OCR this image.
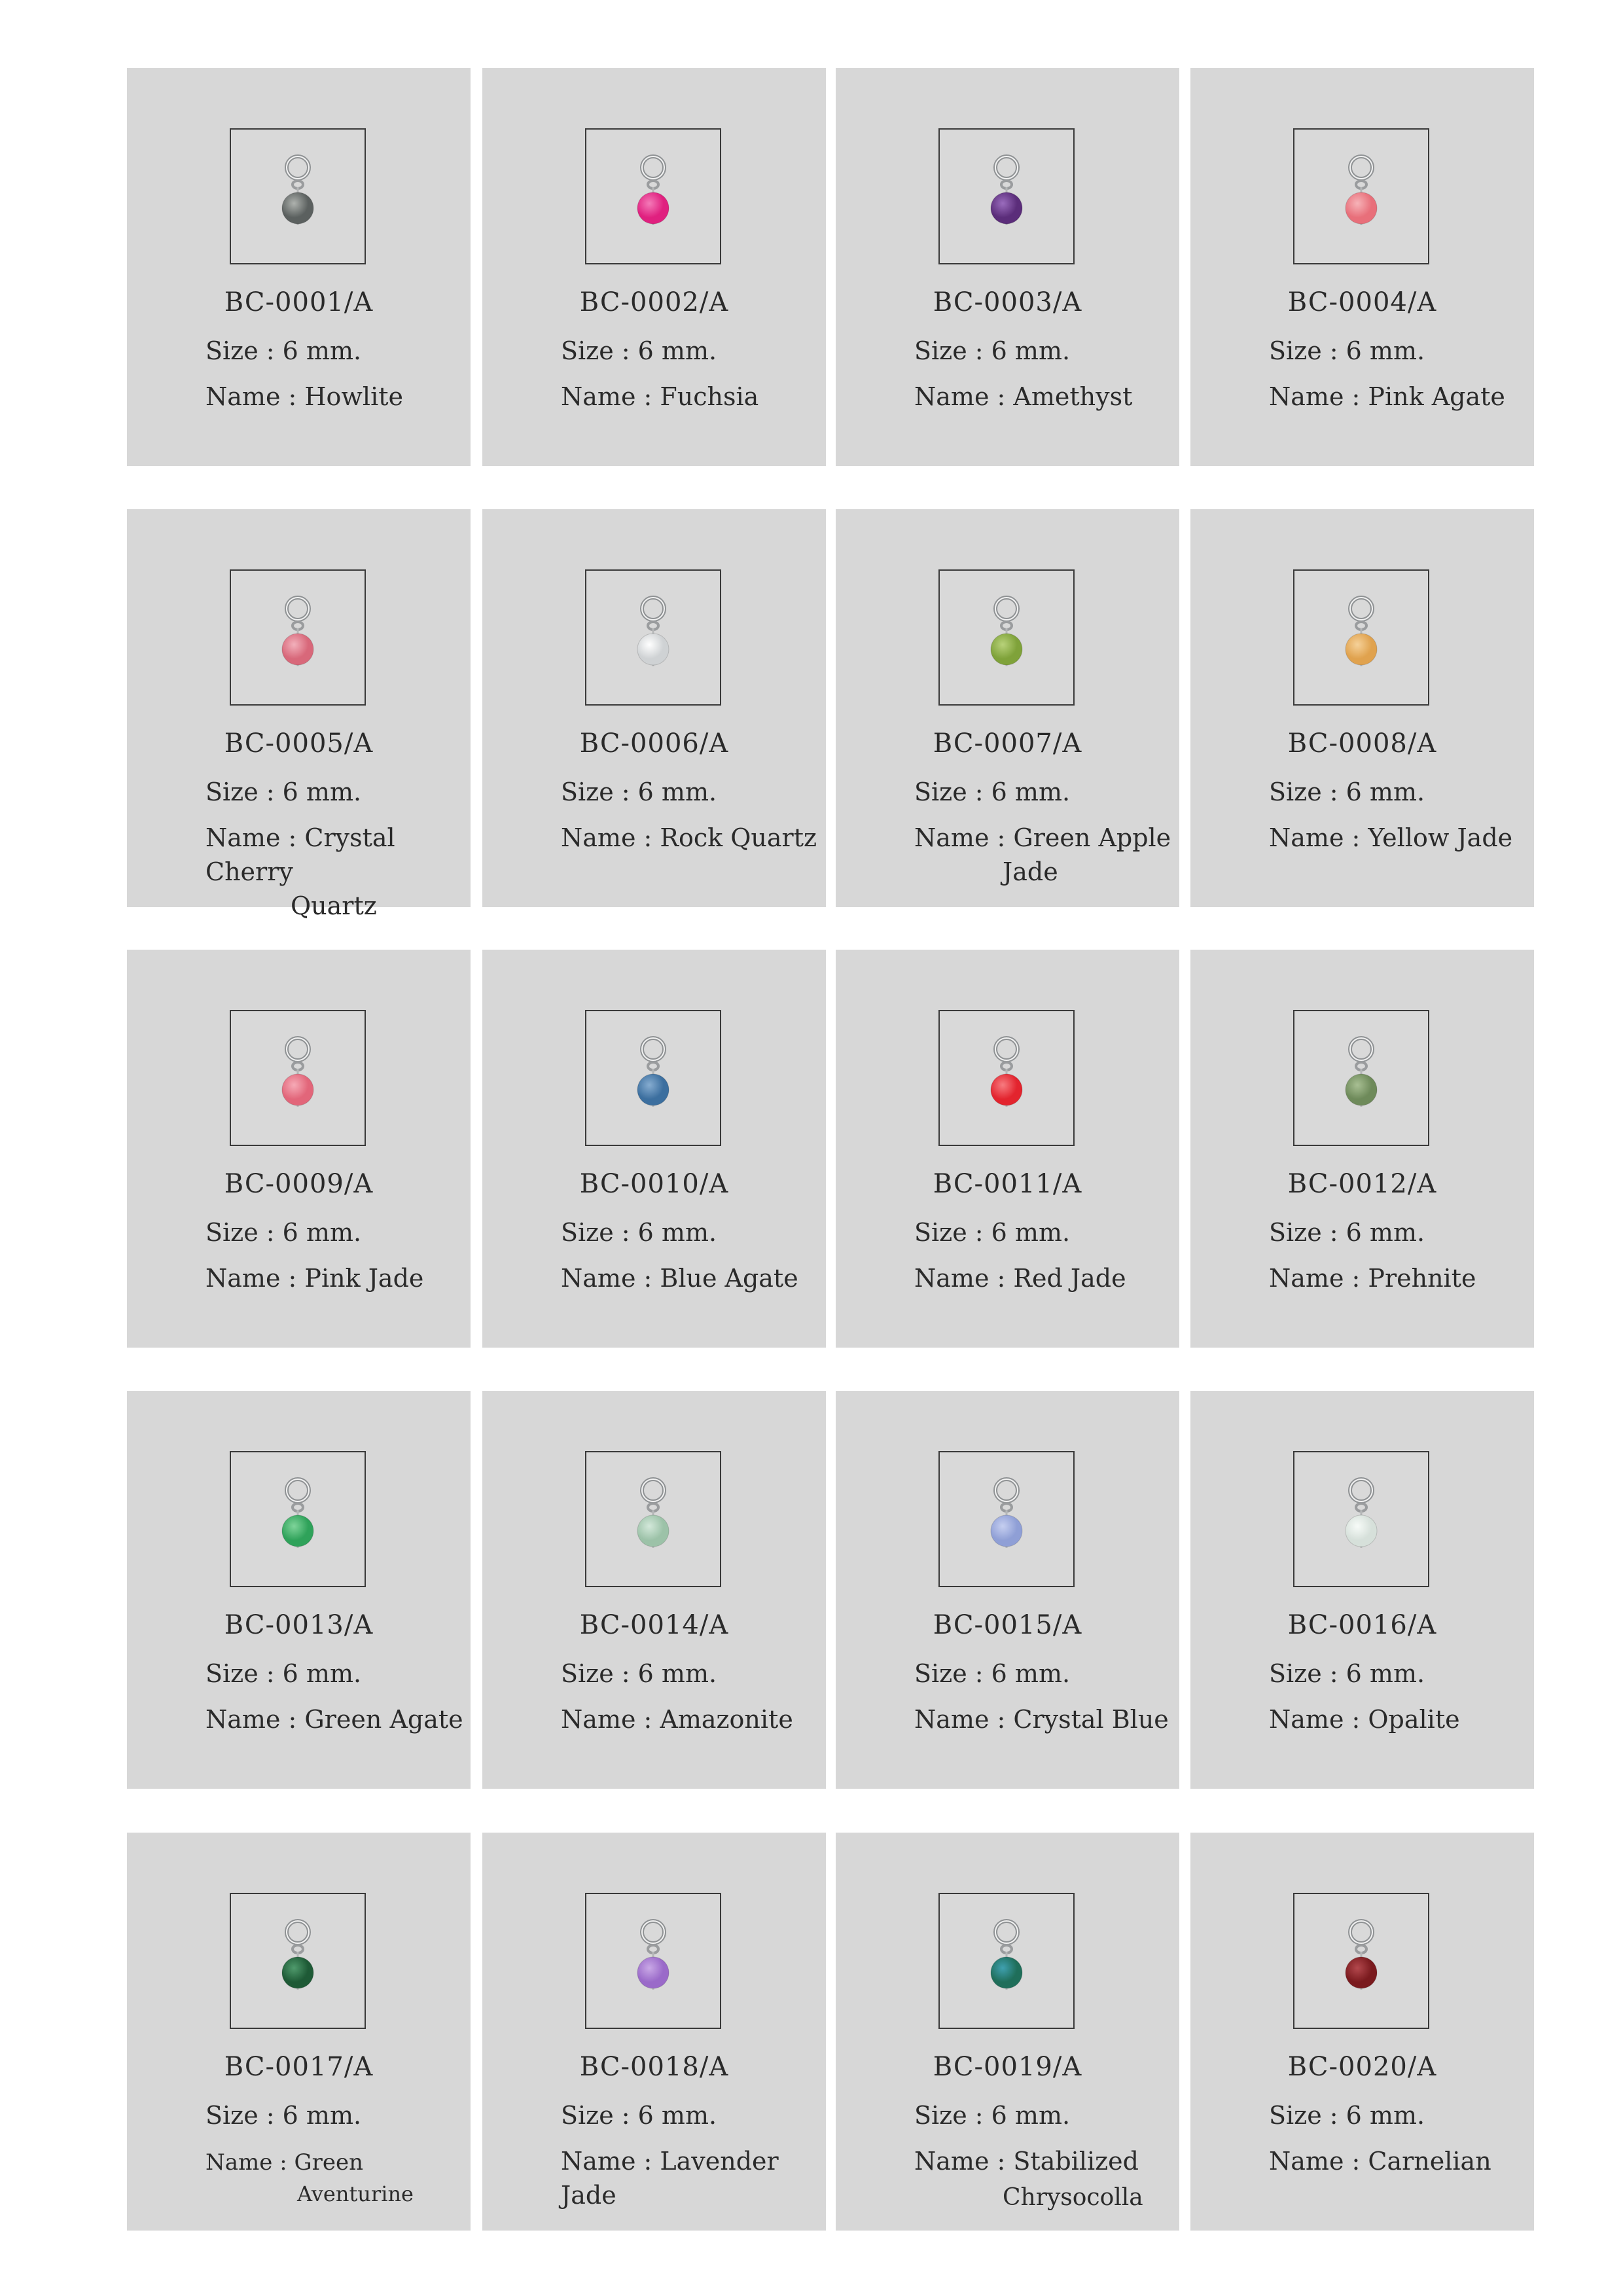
BC-0001/A
Size : 6 mm.
Name : Howlite
BC-0002/A
Size : 6 mm.
Name : Fuchsia
BC-0003/A
Size : 6 mm.
Name : Amethyst
BC-0004/A
Size : 6 mm.
Name : Pink Agate
BC-0005/A
Size : 6 mm.
Name : Crystal Cherry
Quartz
BC-0006/A
Size : 6 mm.
Name : Rock Quartz
BC-0007/A
Size : 6 mm.
Name : Green Apple
Jade
BC-0008/A
Size : 6 mm.
Name : Yellow Jade
BC-0009/A
Size : 6 mm.
Name : Pink Jade
BC-0010/A
Size : 6 mm.
Name : Blue Agate
BC-0011/A
Size : 6 mm.
Name : Red Jade
BC-0012/A
Size : 6 mm.
Name : Prehnite
BC-0013/A
Size : 6 mm.
Name : Green Agate
BC-0014/A
Size : 6 mm.
Name : Amazonite
BC-0015/A
Size : 6 mm.
Name : Crystal Blue
BC-0016/A
Size : 6 mm.
Name : Opalite
BC-0017/A
Size : 6 mm.
Name : Green
Aventurine
BC-0018/A
Size : 6 mm.
Name : Lavender Jade
BC-0019/A
Size : 6 mm.
Name : Stabilized
Chrysocolla
BC-0020/A
Size : 6 mm.
Name : Carnelian
